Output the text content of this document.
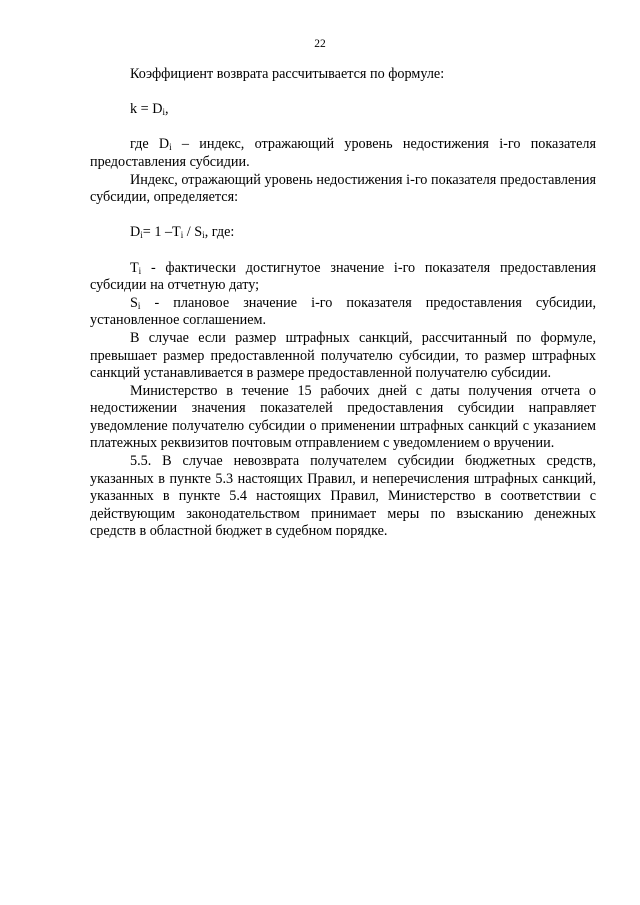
22

Коэффициент возврата рассчитывается по формуле:

$k = D_i$,

где $D_i$ – индекс, отражающий уровень недостижения i-го показателя предоставления субсидии.

Индекс, отражающий уровень недостижения i-го показателя предоставления субсидии, определяется:

$D_i= 1$ $-T_i / S_i$, где:

$T_i$ - фактически достигнутое значение i-го показателя предоставления субсидии на отчетную дату;

$S_i$ - плановое значение i-го показателя предоставления субсидии, установленное соглашением.

В случае если размер штрафных санкций, рассчитанный по формуле, превышает размер предоставленной получателю субсидии, то размер штрафных санкций устанавливается в размере предоставленной получателю субсидии.

Министерство в течение 15 рабочих дней с даты получения отчета о недостижении значения показателей предоставления субсидии направляет уведомление получателю субсидии о применении штрафных санкций с указанием платежных реквизитов почтовым отправлением с уведомлением о вручении.

5.5. В случае невозврата получателем субсидии бюджетных средств, указанных в пункте 5.3 настоящих Правил, и неперечисления штрафных санкций, указанных в пункте 5.4 настоящих Правил, Министерство в соответствии с действующим законодательством принимает меры по взысканию денежных средств в областной бюджет в судебном порядке.
